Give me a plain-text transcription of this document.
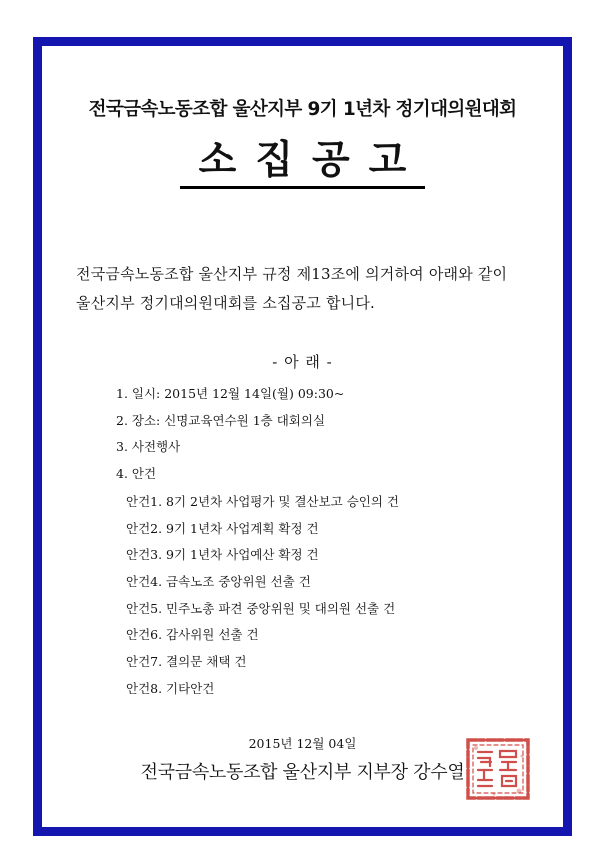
전국금속노동조합 울산지부 9기 1년차 정기대의원대회
소집공고
전국금속노동조합 울산지부 규정 제13조에 의거하여 아래와 같이
울산지부 정기대의원대회를 소집공고 합니다.
- 아 래 -
1. 일시: 2015년 12월 14일(월) 09:30~
2. 장소: 신명교육연수원 1층 대회의실
3. 사전행사
4. 안건
안건1. 8기 2년차 사업평가 및 결산보고 승인의 건
안건2. 9기 1년차 사업계획 확정 건
안건3. 9기 1년차 사업예산 확정 건
안건4. 금속노조 중앙위원 선출 건
안건5. 민주노총 파견 중앙위원 및 대의원 선출 건
안건6. 감사위원 선출 건
안건7. 결의문 채택 건
안건8. 기타안건
2015년 12월 04일
전국금속노동조합 울산지부 지부장 강수열
